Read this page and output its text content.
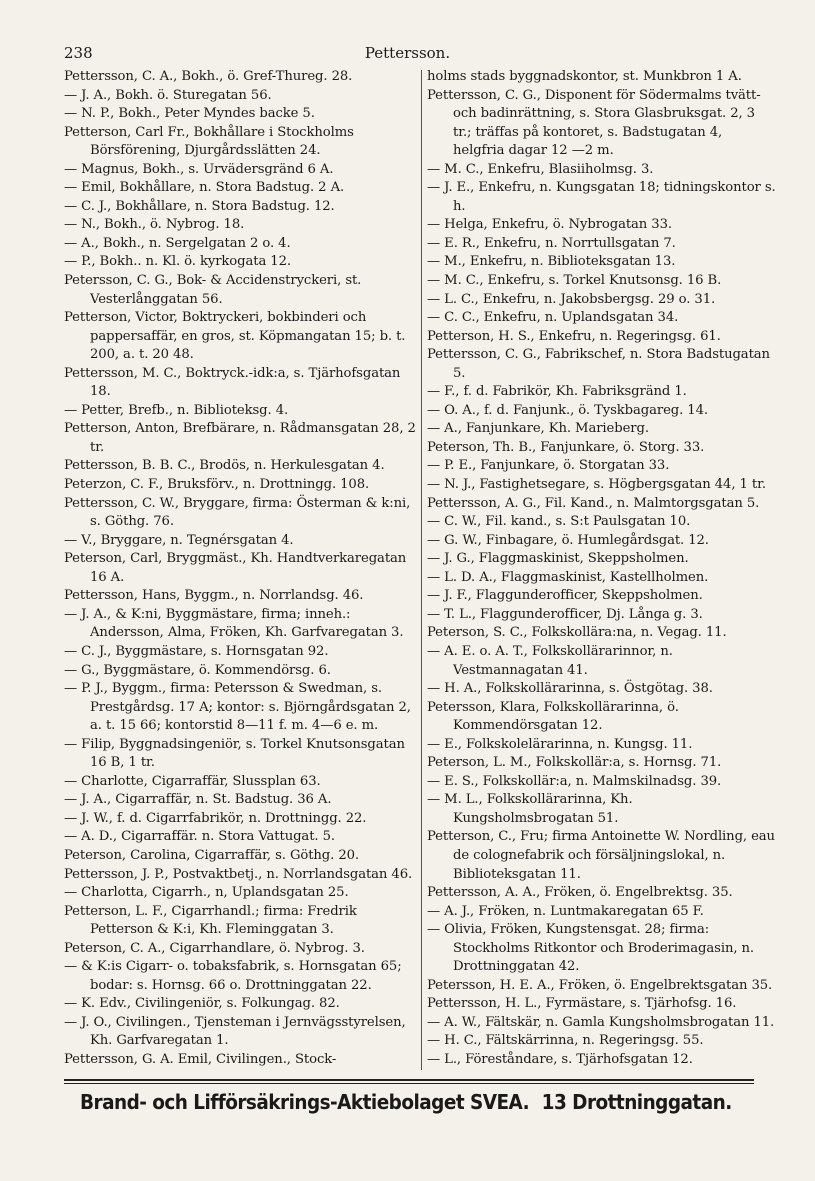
238	Pettersson.
Pettersson, C. A., Bokh., ö. Gref-Thureg. 28.
— J. A., Bokh. ö. Sturegatan 56.
— N. P., Bokh., Peter Myndes backe 5.
Petterson, Carl Fr., Bokhållare i Stockholms Börsförening, Djurgårdsslätten 24.
— Magnus, Bokh., s. Urvädersgränd 6 A.
— Emil, Bokhållare, n. Stora Badstug. 2 A.
— C. J., Bokhållare, n. Stora Badstug. 12.
— N., Bokh., ö. Nybrog. 18.
— A., Bokh., n. Sergelgatan 2 o. 4.
— P., Bokh.. n. Kl. ö. kyrkogata 12.
Petersson, C. G., Bok- & Accidenstryckeri, st. Vesterlånggatan 56.
Petterson, Victor, Boktryckeri, bokbinderi och pappersaffär, en gros, st. Köpmangatan 15; b. t. 200, a. t. 20 48.
Pettersson, M. C., Boktryck.-idk:a, s. Tjärhofsgatan 18.
— Petter, Brefb., n. Biblioteksg. 4.
Petterson, Anton, Brefbärare, n. Rådmansgatan 28, 2 tr.
Pettersson, B. B. C., Brodös, n. Herkulesgatan 4.
Peterzon, C. F., Bruksförv., n. Drottningg. 108.
Pettersson, C. W., Bryggare, firma: Österman & k:ni, s. Göthg. 76.
— V., Bryggare, n. Tegnérsgatan 4.
Peterson, Carl, Bryggmäst., Kh. Handtverkaregatan 16 A.
Pettersson, Hans, Byggm., n. Norrlandsg. 46.
— J. A., & K:ni, Byggmästare, firma; inneh.: Andersson, Alma, Fröken, Kh. Garfvaregatan 3.
— C. J., Byggmästare, s. Hornsgatan 92.
— G., Byggmästare, ö. Kommendörsg. 6.
— P. J., Byggm., firma: Petersson & Swedman, s. Prestgårdsg. 17 A; kontor: s. Björngårdsgatan 2, a. t. 15 66; kontorstid 8—11 f. m. 4—6 e. m.
— Filip, Byggnadsingeniör, s. Torkel Knutsonsgatan 16 B, 1 tr.
— Charlotte, Cigarraffär, Slussplan 63.
— J. A., Cigarraffär, n. St. Badstug. 36 A.
— J. W., f. d. Cigarrfabrikör, n. Drottningg. 22.
— A. D., Cigarraffär. n. Stora Vattugat. 5.
Peterson, Carolina, Cigarraffär, s. Göthg. 20.
Pettersson, J. P., Postvaktbetj., n. Norrlandsgatan 46.
— Charlotta, Cigarrh., n, Uplandsgatan 25.
Petterson, L. F., Cigarrhandl.; firma: Fredrik Petterson & K:i, Kh. Fleminggatan 3.
Peterson, C. A., Cigarrhandlare, ö. Nybrog. 3.
— & K:is Cigarr- o. tobaksfabrik, s. Hornsgatan 65; bodar: s. Hornsg. 66 o. Drottninggatan 22.
— K. Edv., Civilingeniör, s. Folkungag. 82.
— J. O., Civilingen., Tjensteman i Jernvägsstyrelsen, Kh. Garfvaregatan 1.
Pettersson, G. A. Emil, Civilingen., Stock-
holms stads byggnadskontor, st. Munkbron 1 A.
Pettersson, C. G., Disponent för Södermalms tvätt- och badinrättning, s. Stora Glasbruksgat. 2, 3 tr.; träffas på kontoret, s. Badstugatan 4, helgfria dagar 12 —2 m.
— M. C., Enkefru, Blasiiholmsg. 3.
— J. E., Enkefru, n. Kungsgatan 18; tidningskontor s. h.
— Helga, Enkefru, ö. Nybrogatan 33.
— E. R., Enkefru, n. Norrtullsgatan 7.
— M., Enkefru, n. Biblioteksgatan 13.
— M. C., Enkefru, s. Torkel Knutsonsg. 16 B.
— L. C., Enkefru, n. Jakobsbergsg. 29 o. 31.
— C. C., Enkefru, n. Uplandsgatan 34.
Petterson, H. S., Enkefru, n. Regeringsg. 61.
Pettersson, C. G., Fabrikschef, n. Stora Badstugatan 5.
— F., f. d. Fabrikör, Kh. Fabriksgränd 1.
— O. A., f. d. Fanjunk., ö. Tyskbagareg. 14.
— A., Fanjunkare, Kh. Marieberg.
Peterson, Th. B., Fanjunkare, ö. Storg. 33.
— P. E., Fanjunkare, ö. Storgatan 33.
— N. J., Fastighetsegare, s. Högbergsgatan 44, 1 tr.
Pettersson, A. G., Fil. Kand., n. Malmtorgsgatan 5.
— C. W., Fil. kand., s. S:t Paulsgatan 10.
— G. W., Finbagare, ö. Humlegårdsgat. 12.
— J. G., Flaggmaskinist, Skeppsholmen.
— L. D. A., Flaggmaskinist, Kastellholmen.
— J. F., Flaggunderofficer, Skeppsholmen.
— T. L., Flaggunderofficer, Dj. Långa g. 3.
Peterson, S. C., Folkskollära:na, n. Vegag. 11.
— A. E. o. A. T., Folkskollärarinnor, n. Vestmannagatan 41.
— H. A., Folkskollärarinna, s. Östgötag. 38.
Petersson, Klara, Folkskollärarinna, ö. Kommendörsgatan 12.
— E., Folkskolelärarinna, n. Kungsg. 11.
Peterson, L. M., Folkskollär:a, s. Hornsg. 71.
— E. S., Folkskollär:a, n. Malmskilnadsg. 39.
— M. L., Folkskollärarinna, Kh. Kungsholmsbrogatan 51.
Petterson, C., Fru; firma Antoinette W. Nordling, eau de colognefabrik och försäljningslokal, n. Biblioteksgatan 11.
Pettersson, A. A., Fröken, ö. Engelbrektsg. 35.
— A. J., Fröken, n. Luntmakaregatan 65 F.
— Olivia, Fröken, Kungstensgat. 28; firma: Stockholms Ritkontor och Broderimagasin, n. Drottninggatan 42.
Petersson, H. E. A., Fröken, ö. Engelbrektsgatan 35.
Pettersson, H. L., Fyrmästare, s. Tjärhofsg. 16.
— A. W., Fältskär, n. Gamla Kungsholmsbrogatan 11.
— H. C., Fältskärrinna, n. Regeringsg. 55.
— L., Föreståndare, s. Tjärhofsgatan 12.
Brand- och Lifförsäkrings-Aktiebolaget SVEA. 13 Drottninggatan.
